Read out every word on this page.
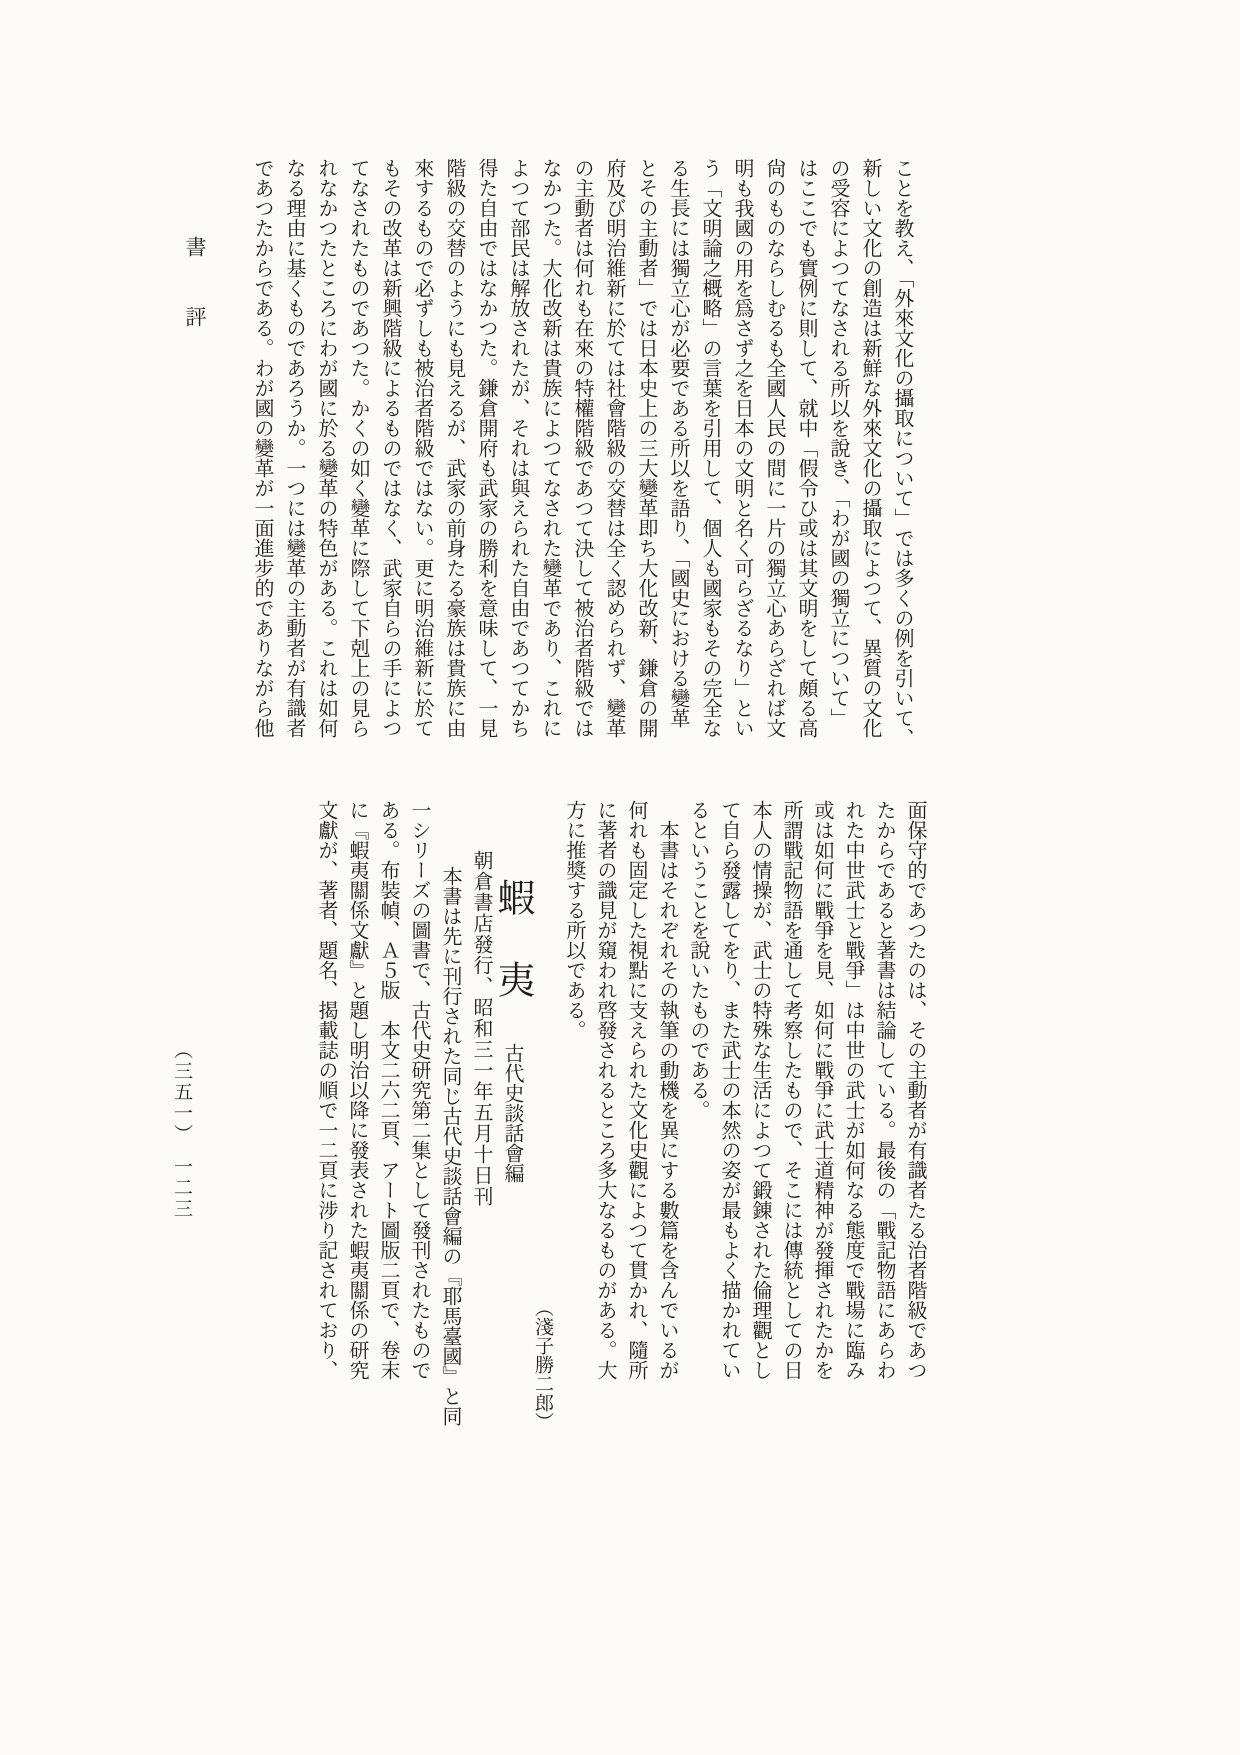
書　評	ことを教え、「外來文化の攝取について」では多くの例を引いて、

新しい文化の創造は新鮮な外來文化の攝取によつて、異質の文化

の受容によつてなされる所以を說き、「わが國の獨立について」

はここでも實例に則して、就中「假令ひ或は其文明をして頗る高

尙のものならしむるも全國人民の間に一片の獨立心あらざれば文

明も我國の用を爲さず之を日本の文明と名く可らざるなり」とい

う「文明論之概略」の言葉を引用して、個人も國家もその完全な

る生長には獨立心が必要である所以を語り、「國史における變革

とその主動者」では日本史上の三大變革即ち大化改新、鎌倉の開

府及び明治維新に於ては社會階級の交替は全く認められず、變革

の主動者は何れも在來の特權階級であつて決して被治者階級では

なかつた。大化改新は貴族によつてなされた變革であり、これに

よつて部民は解放されたが、それは與えられた自由であつてかち

得た自由ではなかつた。鎌倉開府も武家の勝利を意味して、一見

階級の交替のようにも見えるが、武家の前身たる豪族は貴族に由

來するもので必ずしも被治者階級ではない。更に明治維新に於て

もその改革は新興階級によるものではなく、武家自らの手によつ

てなされたものであつた。かくの如く變革に際して下剋上の見ら

れなかつたところにわが國に於る變革の特色がある。これは如何

なる理由に基くものであろうか。一つには變革の主動者が有識者

であつたからである。わが國の變革が一面進步的でありながら他

面保守的であつたのは、その主動者が有識者たる治者階級であつ

たからであると著書は結論している。最後の「戰記物語にあらわ

れた中世武士と戰爭」は中世の武士が如何なる態度で戰場に臨み

或は如何に戰爭を見、如何に戰爭に武士道精神が發揮されたかを

所謂戰記物語を通して考察したもので、そこには傳統としての日

本人の情操が、武士の特殊な生活によつて鍛錬された倫理觀とし

て自ら發露してをり、また武士の本然の姿が最もよく描かれてい

るということを說いたものである。

　本書はそれぞれその執筆の動機を異にする數篇を含んでいるが

何れも固定した視點に支えられた文化史觀によつて貫かれ、隨所

に著者の識見が窺われ啓發されるところ多大なるものがある。大

方に推奬する所以である。

（淺子勝二郎）

蝦　夷古代史談話會編

朝倉書店發行、昭和三一年五月十日刊

　本書は先に刊行された同じ古代史談話會編の『耶馬臺國』と同

一シリーズの圖書で、古代史研究第二集として發刊されたもので

ある。布裝幀、Ａ５版　本文二六二頁、アート圖版二頁で、卷末

に『蝦夷關係文獻』と題し明治以降に發表された蝦夷關係の研究

文獻が、著者、題名、揭載誌の順で一二頁に涉り記されており、

（三五一）　一二三
